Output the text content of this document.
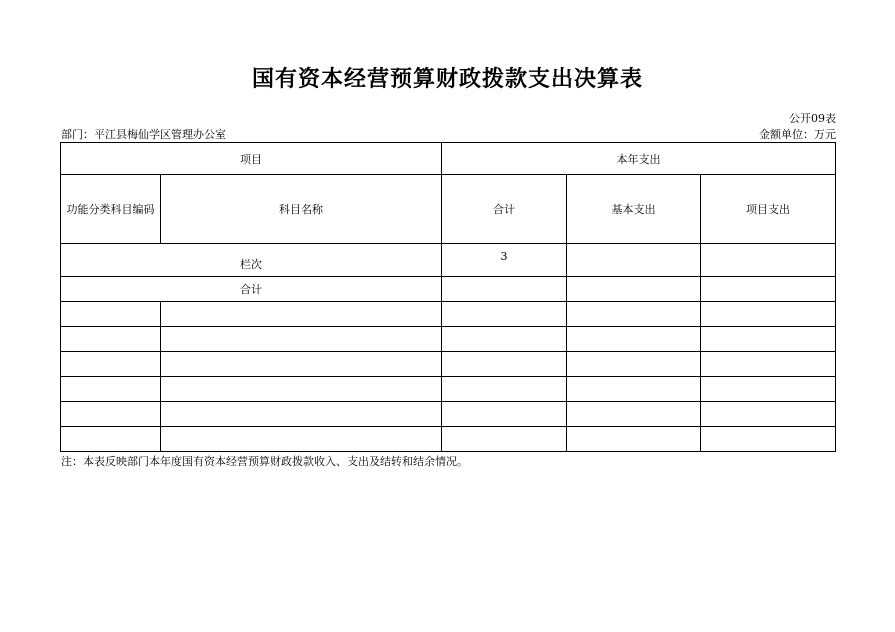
国有资本经营预算财政拨款支出决算表
公开09表
部门：平江县梅仙学区管理办公室	金额单位：万元
项目		本年支出		
功能分类科目编码	科目名称	合计	基本支出	项目支出
栏次		3		
合计				

注：本表反映部门本年度国有资本经营预算财政拨款收入、支出及结转和结余情况。
